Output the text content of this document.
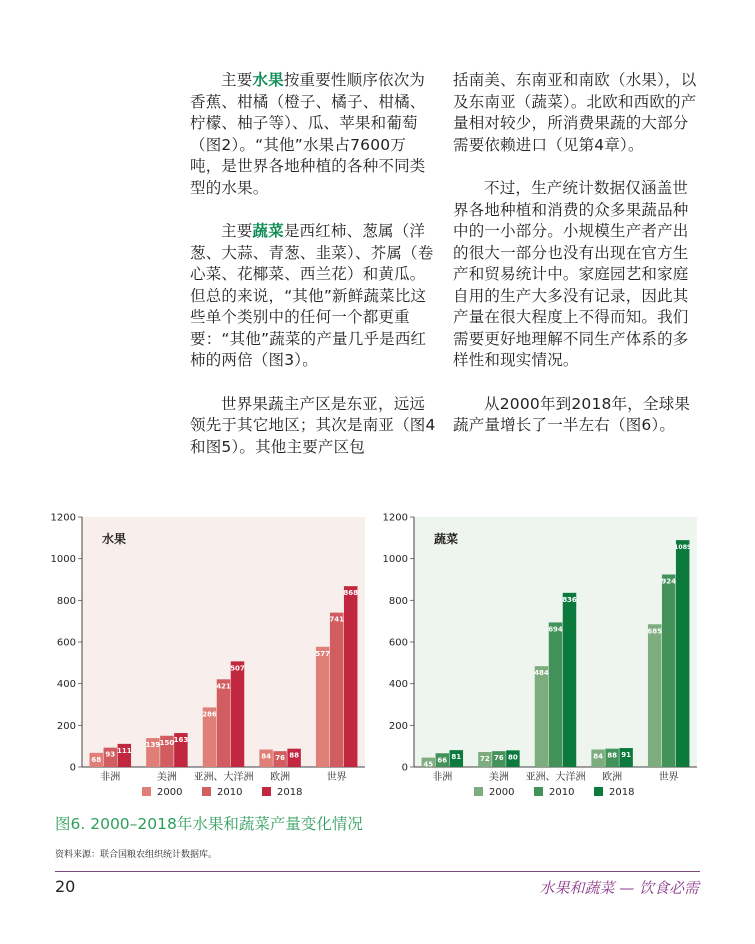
主要水果按重要性顺序依次为香蕉、柑橘（橙子、橘子、柑橘、柠檬、柚子等）、瓜、苹果和葡萄（图2）。“其他”水果占7600万吨，是世界各地种植的各种不同类型的水果。

主要蔬菜是西红柿、葱属（洋葱、大蒜、青葱、韭菜）、芥属（卷心菜、花椰菜、西兰花）和黄瓜。但总的来说，“其他”新鲜蔬菜比这些单个类别中的任何一个都更重要：“其他”蔬菜的产量几乎是西红柿的两倍（图3）。

世界果蔬主产区是东亚，远远领先于其它地区；其次是南亚（图4和图5）。其他主要产区包

括南美、东南亚和南欧（水果），以及东南亚（蔬菜）。北欧和西欧的产量相对较少，所消费果蔬的大部分需要依赖进口（见第4章）。

不过，生产统计数据仅涵盖世界各地种植和消费的众多果蔬品种中的一小部分。小规模生产者产出的很大一部分也没有出现在官方生产和贸易统计中。家庭园艺和家庭自用的生产大多没有记录，因此其产量在很大程度上不得而知。我们需要更好地理解不同生产体系的多样性和现实情况。

从2000年到2018年，全球果蔬产量增长了一半左右（图6）。

0
200
400
600
800
1000
1200
水果
68
93 111
非洲
139 150 163
美洲
286
421
507
亚洲、大洋洲
84 76 88
欧洲
577
741
868
世界
2000	2010	2018
0
200
400
600
800
1000
1200
蔬菜
45
66 81
非洲
72 76 80
美洲
484
694
836
亚洲、大洋洲
84 88 91
欧洲
685
924
1089
世界
2000	2010	2018
图6. 2000–2018年水果和蔬菜产量变化情况
资料来源：联合国粮农组织统计数据库。
20	水果和蔬菜 — 饮食必需
